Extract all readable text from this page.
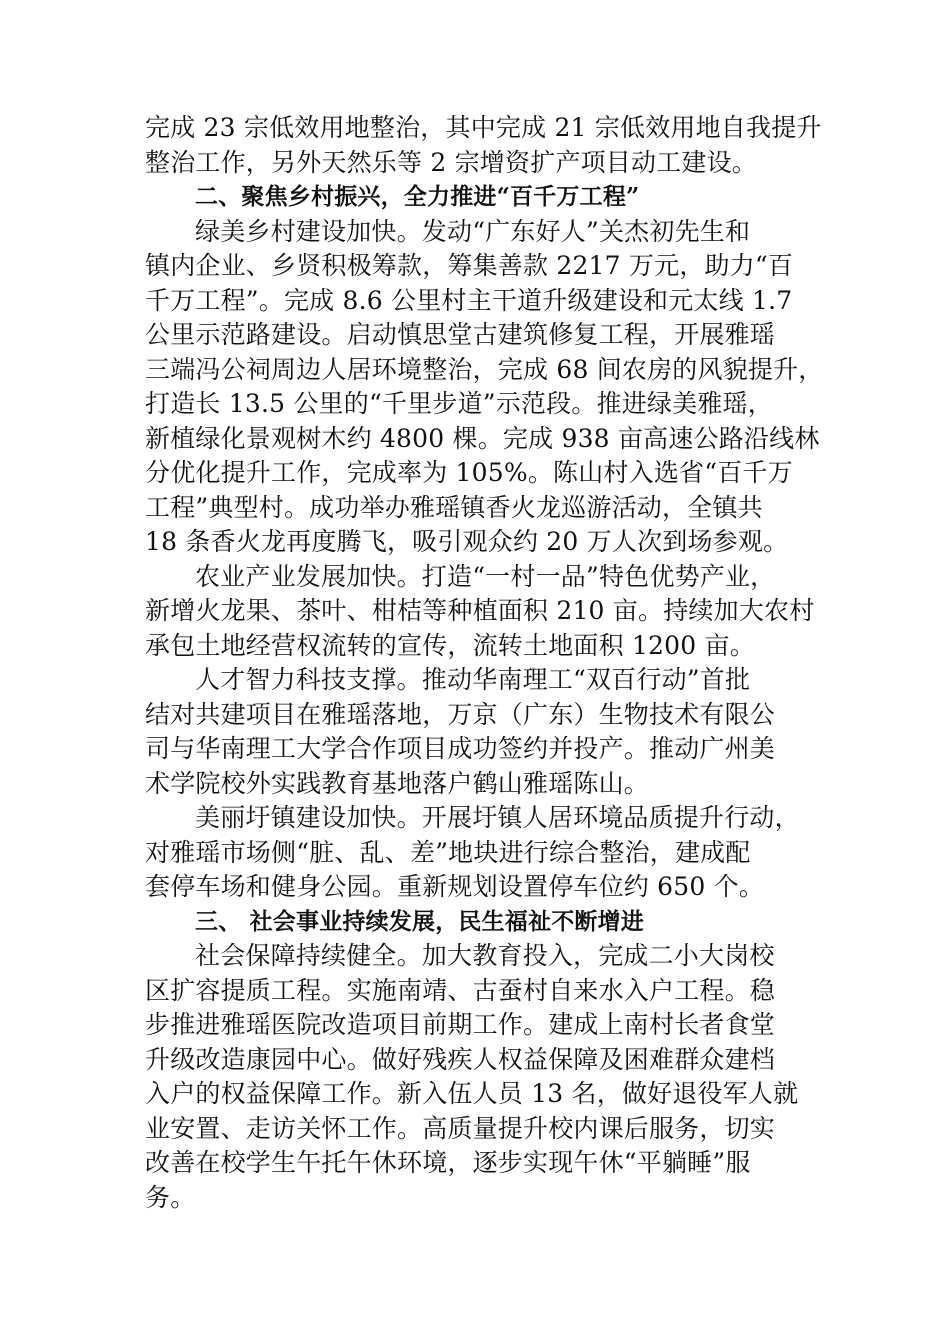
完成 23 宗低效用地整治，其中完成 21 宗低效用地自我提升
整治工作，另外天然乐等 2 宗增资扩产项目动工建设。
二、聚焦乡村振兴，全力推进“百千万工程”
绿美乡村建设加快。发动“广东好人”关杰初先生和
镇内企业、乡贤积极筹款，筹集善款 2217 万元，助力“百
千万工程”。完成 8.6 公里村主干道升级建设和元太线 1.7
公里示范路建设。启动慎思堂古建筑修复工程，开展雅瑶
三端冯公祠周边人居环境整治，完成 68 间农房的风貌提升，
打造长 13.5 公里的“千里步道”示范段。推进绿美雅瑶，
新植绿化景观树木约 4800 棵。完成 938 亩高速公路沿线林
分优化提升工作，完成率为 105%。陈山村入选省“百千万
工程”典型村。成功举办雅瑶镇香火龙巡游活动，全镇共
18 条香火龙再度腾飞，吸引观众约 20 万人次到场参观。
农业产业发展加快。打造“一村一品”特色优势产业，
新增火龙果、茶叶、柑桔等种植面积 210 亩。持续加大农村
承包土地经营权流转的宣传，流转土地面积 1200 亩。
人才智力科技支撑。推动华南理工“双百行动”首批
结对共建项目在雅瑶落地，万京（广东）生物技术有限公
司与华南理工大学合作项目成功签约并投产。推动广州美
术学院校外实践教育基地落户鹤山雅瑶陈山。
美丽圩镇建设加快。开展圩镇人居环境品质提升行动，
对雅瑶市场侧“脏、乱、差”地块进行综合整治，建成配
套停车场和健身公园。重新规划设置停车位约 650 个。
三、 社会事业持续发展，民生福祉不断增进
社会保障持续健全。加大教育投入，完成二小大岗校
区扩容提质工程。实施南靖、古蚕村自来水入户工程。稳
步推进雅瑶医院改造项目前期工作。建成上南村长者食堂
升级改造康园中心。做好残疾人权益保障及困难群众建档
入户的权益保障工作。新入伍人员 13 名，做好退役军人就
业安置、走访关怀工作。高质量提升校内课后服务，切实
改善在校学生午托午休环境，逐步实现午休“平躺睡”服
务。
